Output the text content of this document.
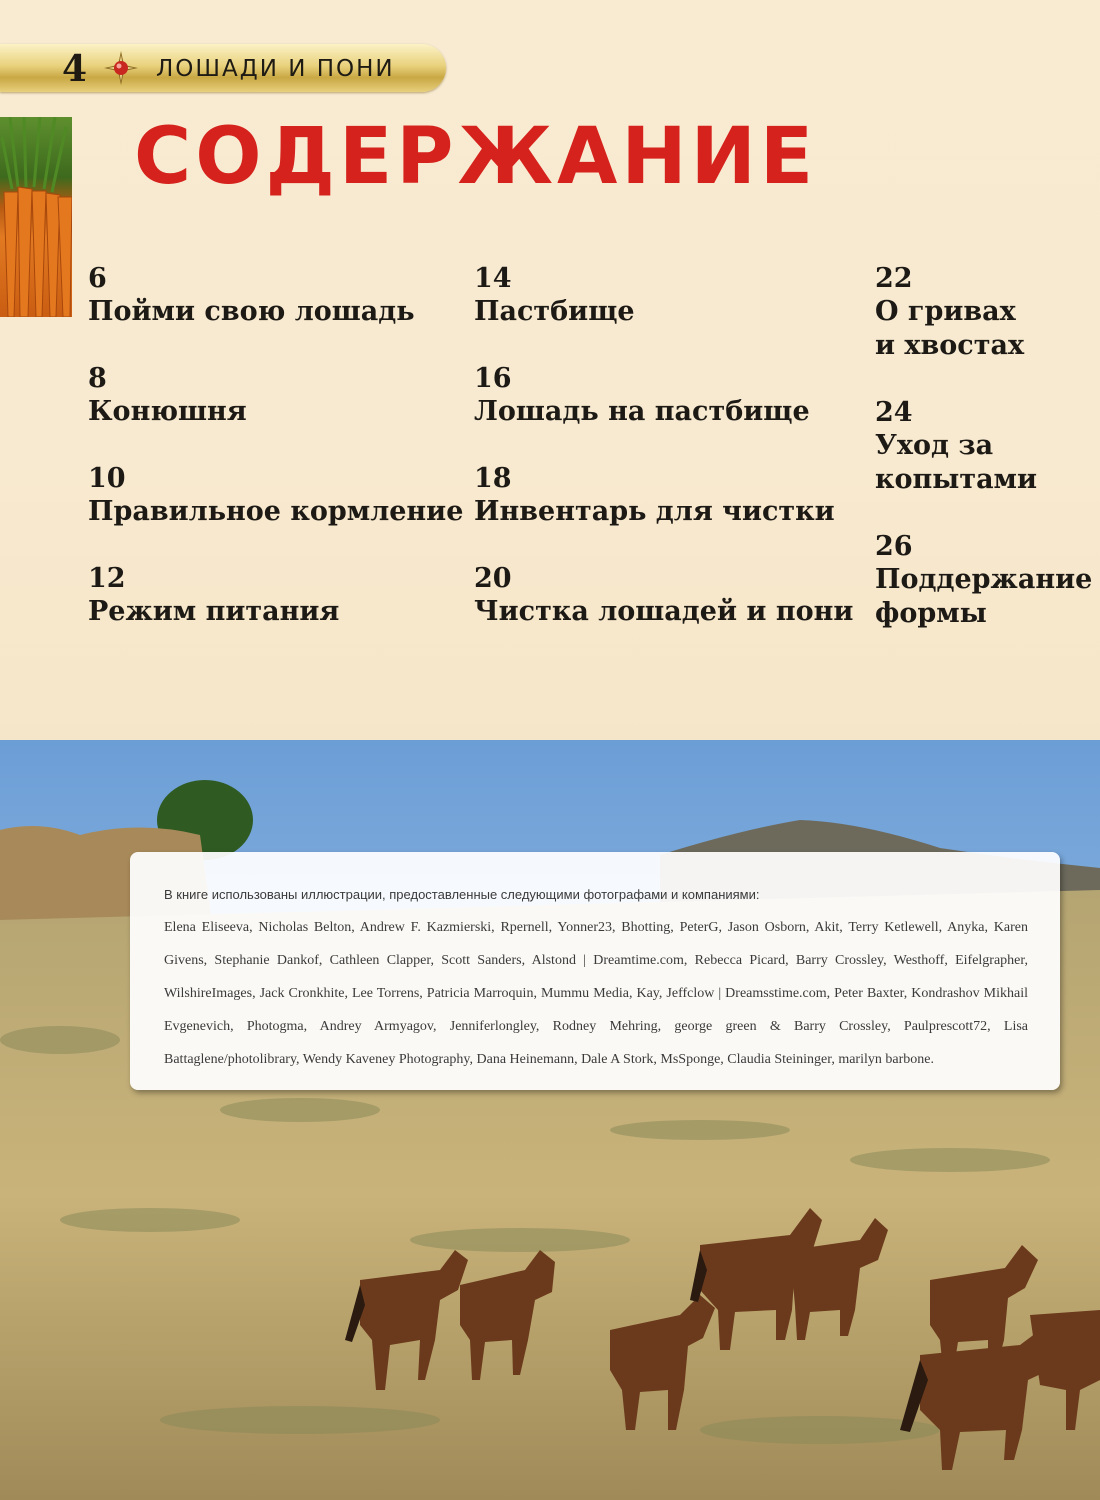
4	ЛОШАДИ И ПОНИ
СОДЕРЖАНИЕ
6
Пойми свою лошадь
8
Конюшня
10
Правильное кормление
12
Режим питания
14
Пастбище
16
Лошадь на пастбище
18
Инвентарь для чистки
20
Чистка лошадей и пони
22
О гривах
и хвостах
24
Уход за
копытами
26
Поддержание
формы
В книге использованы иллюстрации, предоставленные следующими фотографами и компаниями:
Elena Eliseeva, Nicholas Belton, Andrew F. Kazmierski, Rpernell, Yonner23, Bhotting, PeterG, Jason Osborn, Akit, Terry Ketlewell, Anyka, Karen Givens, Stephanie Dankof, Cathleen Clapper, Scott Sanders, Alstond | Dreamtime.com, Rebecca Picard, Barry Crossley, Westhoff, Eifelgrapher, WilshireImages, Jack Cronkhite, Lee Torrens, Patricia Marroquin, Mummu Media, Kay, Jeffclow | Dreamsstime.com, Peter Baxter, Kondrashov Mikhail Evgenevich, Photogma, Andrey Armyagov, Jenniferlongley, Rodney Mehring, george green & Barry Crossley, Paulprescott72, Lisa Battaglene/photolibrary, Wendy Kaveney Photography, Dana Heinemann, Dale A Stork, MsSponge, Claudia Steininger, marilyn barbone.
